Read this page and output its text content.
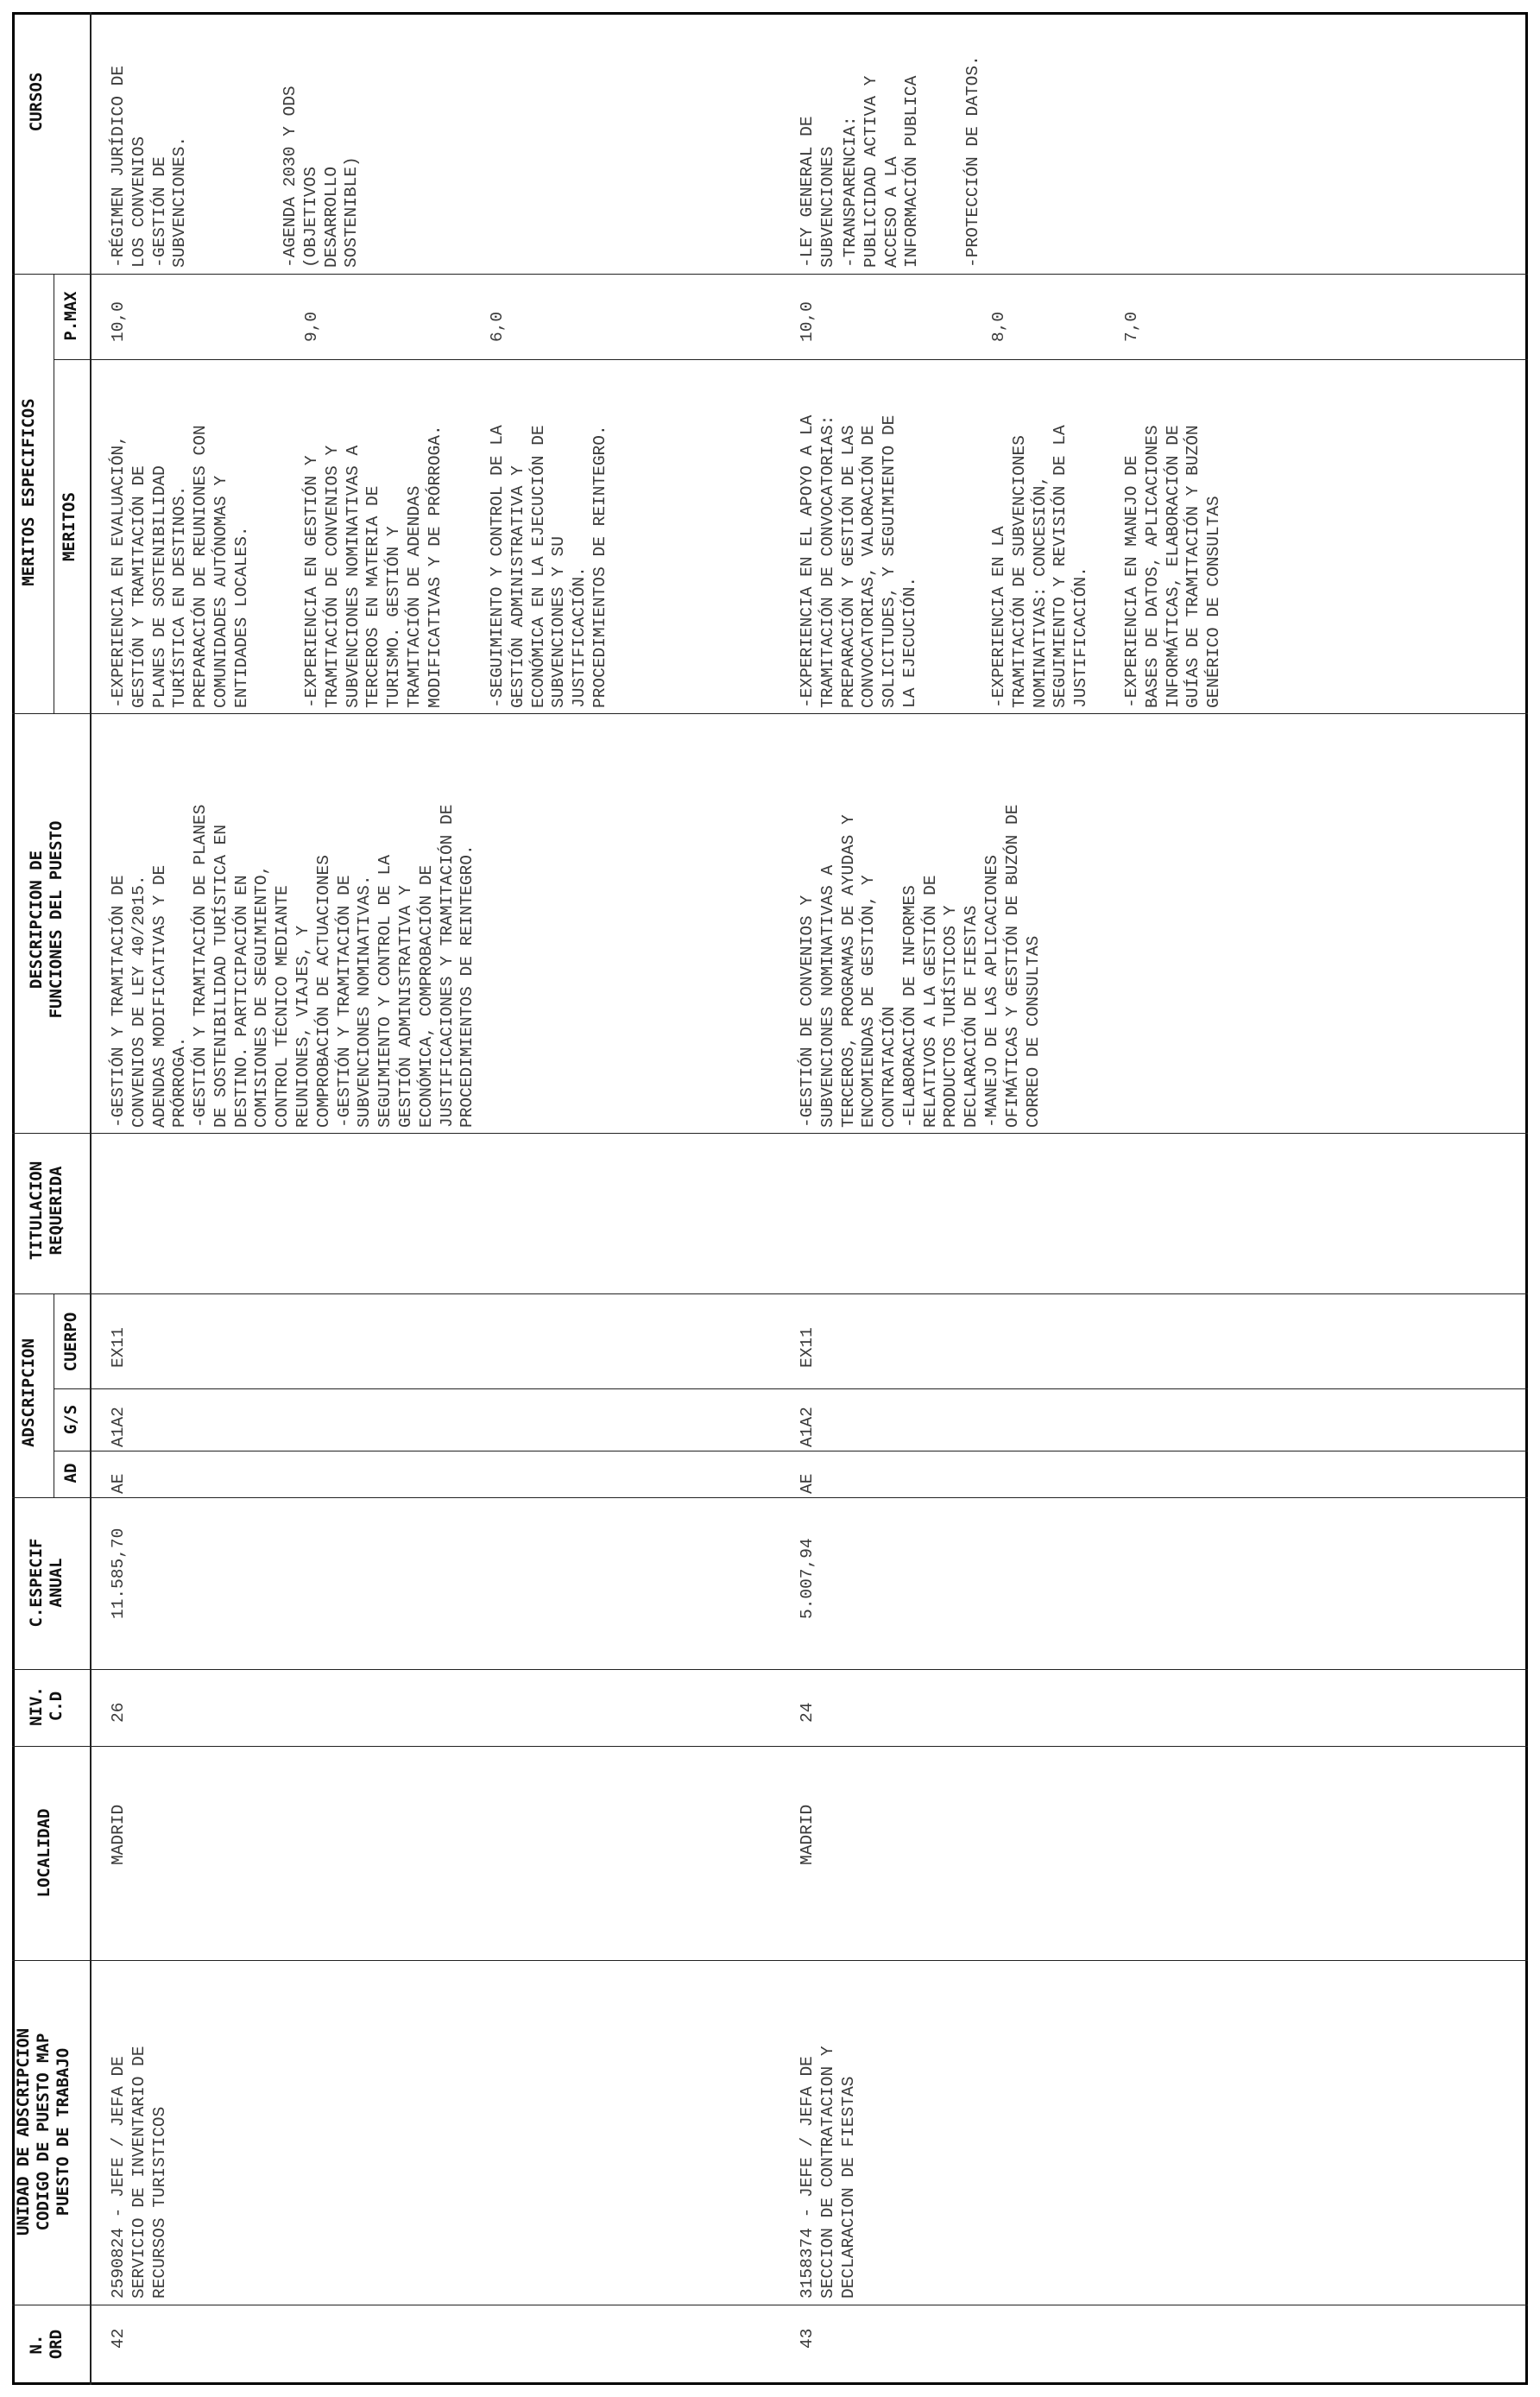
CURSOS
MERITOS ESPECIFICOS MERITOS
P.MAX
DESCRIPCION DE
FUNCIONES DEL PUESTO
TITULACION
REQUERIDA
ADSCRIPCION CUERPO
G/S
AD
C.ESPECIF
ANUAL
NIV.
C.D
LOCALIDAD
UNIDAD DE ADSCRIPCION
CODIGO DE PUESTO MAP
PUESTO DE TRABAJO
N.
ORD	42
2590824 - JEFE / JEFA DE
SERVICIO DE INVENTARIO DE
RECURSOS TURISTICOS
MADRID
26
11.585,70
AE
A1A2
EX11
-GESTIÓN Y TRAMITACIÓN DE
CONVENIOS DE LEY 40/2015.
ADENDAS MODIFICATIVAS Y DE
PRÓRROGA.
-GESTIÓN Y TRAMITACIÓN DE PLANES
DE SOSTENIBILIDAD TURÍSTICA EN
DESTINO. PARTICIPACIÓN EN
COMISIONES DE SEGUIMIENTO,
CONTROL TÉCNICO MEDIANTE
REUNIONES, VIAJES, Y
COMPROBACIÓN DE ACTUACIONES
-GESTIÓN Y TRAMITACIÓN DE
SUBVENCIONES NOMINATIVAS.
SEGUIMIENTO Y CONTROL DE LA
GESTIÓN ADMINISTRATIVA Y
ECONÓMICA, COMPROBACIÓN DE
JUSTIFICACIONES Y TRAMITACIÓN DE
PROCEDIMIENTOS DE REINTEGRO.
-EXPERIENCIA EN EVALUACIÓN,
GESTIÓN Y TRAMITACIÓN DE
PLANES DE SOSTENIBILIDAD
TURÍSTICA EN DESTINOS.
PREPARACIÓN DE REUNIONES CON
COMUNIDADES AUTÓNOMAS Y
ENTIDADES LOCALES.
10,0
-EXPERIENCIA EN GESTIÓN Y
TRAMITACIÓN DE CONVENIOS Y
SUBVENCIONES NOMINATIVAS A
TERCEROS EN MATERIA DE
TURISMO. GESTIÓN Y
TRAMITACIÓN DE ADENDAS
MODIFICATIVAS Y DE PRÓRROGA.
9,0
-SEGUIMIENTO Y CONTROL DE LA
GESTIÓN ADMINISTRATIVA Y
ECONÓMICA EN LA EJECUCIÓN DE
SUBVENCIONES Y SU
JUSTIFICACIÓN.
PROCEDIMIENTOS DE REINTEGRO.
6,0
-RÉGIMEN JURÍDICO DE
LOS CONVENIOS
-GESTIÓN DE
SUBVENCIONES.	-AGENDA 2030 Y ODS
(OBJETIVOS
DESARROLLO
SOSTENIBLE)
43
3158374 - JEFE / JEFA DE
SECCION DE CONTRATACION Y
DECLARACION DE FIESTAS
MADRID
24
5.007,94
AE
A1A2
EX11
-GESTIÓN DE CONVENIOS Y
SUBVENCIONES NOMINATIVAS A
TERCEROS, PROGRAMAS DE AYUDAS Y
ENCOMIENDAS DE GESTIÓN, Y
CONTRATACIÓN
-ELABORACIÓN DE INFORMES
RELATIVOS A LA GESTIÓN DE
PRODUCTOS TURÍSTICOS Y
DECLARACIÓN DE FIESTAS
-MANEJO DE LAS APLICACIONES
OFIMÁTICAS Y GESTIÓN DE BUZÓN DE
CORREO DE CONSULTAS
-EXPERIENCIA EN EL APOYO A LA
TRAMITACIÓN DE CONVOCATORIAS:
PREPARACIÓN Y GESTIÓN DE LAS
CONVOCATORIAS, VALORACIÓN DE
SOLICITUDES, Y SEGUIMIENTO DE
LA EJECUCIÓN.
10,0
-EXPERIENCIA EN LA
TRAMITACIÓN DE SUBVENCIONES
NOMINATIVAS: CONCESIÓN,
SEGUIMIENTO Y REVISIÓN DE LA
JUSTIFICACIÓN.
8,0
-EXPERIENCIA EN MANEJO DE
BASES DE DATOS, APLICACIONES
INFORMÁTICAS, ELABORACIÓN DE
GUÍAS DE TRAMITACIÓN Y BUZÓN
GENÉRICO DE CONSULTAS
7,0
-LEY GENERAL DE
SUBVENCIONES -TRANSPARENCIA:
PUBLICIDAD ACTIVA Y
ACCESO A LA
INFORMACIÓN PUBLICA -PROTECCIÓN DE DATOS.
